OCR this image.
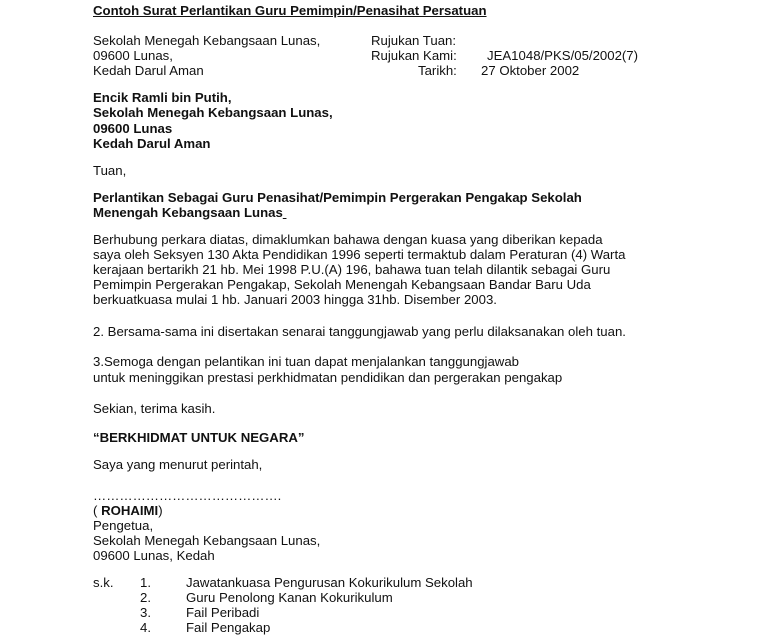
Contoh Surat Perlantikan Guru Pemimpin/Penasihat Persatuan
Sekolah Menegah Kebangsaan Lunas,
09600 Lunas,
Kedah Darul Aman
Rujukan Tuan:
Rujukan Kami: JEA1048/PKS/05/2002(7)
Tarikh: 27 Oktober 2002
Encik Ramli bin Putih,
Sekolah Menegah Kebangsaan Lunas,
09600 Lunas
Kedah Darul Aman
Tuan,
Perlantikan Sebagai Guru Penasihat/Pemimpin Pergerakan Pengakap Sekolah
Menengah Kebangsaan Lunas
Berhubung perkara diatas, dimaklumkan bahawa dengan kuasa yang diberikan kepada
saya oleh Seksyen 130 Akta Pendidikan 1996 seperti termaktub dalam Peraturan (4) Warta
kerajaan bertarikh 21 hb. Mei 1998 P.U.(A) 196, bahawa tuan telah dilantik sebagai Guru
Pemimpin Pergerakan Pengakap, Sekolah Menengah Kebangsaan Bandar Baru Uda
berkuatkuasa mulai 1 hb. Januari 2003 hingga 31hb. Disember 2003.
2. Bersama-sama ini disertakan senarai tanggungjawab yang perlu dilaksanakan oleh tuan.
3.Semoga dengan pelantikan ini tuan dapat menjalankan tanggungjawab
untuk meninggikan prestasi perkhidmatan pendidikan dan pergerakan pengakap
Sekian, terima kasih.
“BERKHIDMAT UNTUK NEGARA”
Saya yang menurut perintah,
…………………………………….
( ROHAIMI)
Pengetua,
Sekolah Menegah Kebangsaan Lunas,
09600 Lunas, Kedah
s.k. 1.	Jawatankuasa Pengurusan Kokurikulum Sekolah
2.	Guru Penolong Kanan Kokurikulum
3.	Fail Peribadi
4.	Fail Pengakap
